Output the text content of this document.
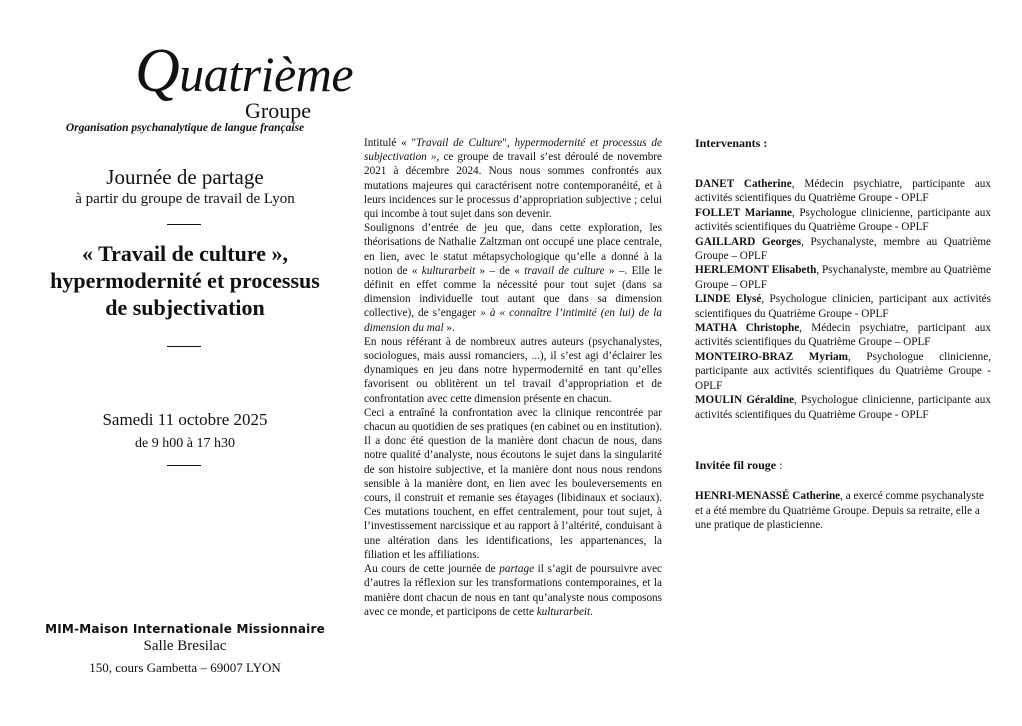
Quatrième
Groupe
Organisation psychanalytique de langue française
Journée de partage
à partir du groupe de travail de Lyon
« Travail de culture »,
hypermodernité et processus
de subjectivation
Samedi 11 octobre 2025
de 9 h00 à 17 h30
MIM-Maison Internationale Missionnaire
Salle Bresilac
150, cours Gambetta – 69007 LYON

Intitulé « "Travail de Culture", hypermodernité et processus de subjectivation », ce groupe de travail s’est déroulé de novembre 2021 à décembre 2024. Nous nous sommes confrontés aux mutations majeures qui caractérisent notre contemporanéité, et à leurs incidences sur le processus d’appropriation subjective ; celui qui incombe à tout sujet dans son devenir.

Soulignons d’entrée de jeu que, dans cette exploration, les théorisations de Nathalie Zaltzman ont occupé une place centrale, en lien, avec le statut métapsychologique qu’elle a donné à la notion de « kulturarbeit » – de « travail de culture » –. Elle le définit en effet comme la nécessité pour tout sujet (dans sa dimension individuelle tout autant que dans sa dimension collective), de s’engager » à « connaître l’intimité (en lui) de la dimension du mal ».

En nous référant à de nombreux autres auteurs (psychanalystes, sociologues, mais aussi romanciers, ...), il s’est agi d’éclairer les dynamiques en jeu dans notre hypermodernité en tant qu’elles favorisent ou oblitèrent un tel travail d’appropriation et de confrontation avec cette dimension présente en chacun.

Ceci a entraîné la confrontation avec la clinique rencontrée par chacun au quotidien de ses pratiques (en cabinet ou en institution). Il a donc été question de la manière dont chacun de nous, dans notre qualité d’analyste, nous écoutons le sujet dans la singularité de son histoire subjective, et la manière dont nous nous rendons sensible à la manière dont, en lien avec les bouleversements en cours, il construit et remanie ses étayages (libidinaux et sociaux). Ces mutations touchent, en effet centralement, pour tout sujet, à l’investissement narcissique et au rapport à l’altérité, conduisant à une altération dans les identifications, les appartenances, la filiation et les affiliations.

Au cours de cette journée de partage il s’agit de poursuivre avec d’autres la réflexion sur les transformations contemporaines, et la manière dont chacun de nous en tant qu’analyste nous composons avec ce monde, et participons de cette kulturarbeit.

Intervenants :

DANET Catherine, Médecin psychiatre, participante aux activités scientifiques du Quatrième Groupe - OPLF

FOLLET Marianne, Psychologue clinicienne, participante aux activités scientifiques du Quatrième Groupe - OPLF

GAILLARD Georges, Psychanalyste, membre au Quatrième Groupe – OPLF

HERLEMONT Elisabeth, Psychanalyste, membre au Quatrième Groupe – OPLF

LINDE Elysé, Psychologue clinicien, participant aux activités scientifiques du Quatrième Groupe - OPLF

MATHA Christophe, Médecin psychiatre, participant aux activités scientifiques du Quatrième Groupe – OPLF

MONTEIRO-BRAZ Myriam, Psychologue clinicienne, participante aux activités scientifiques du Quatrième Groupe - OPLF

MOULIN Géraldine, Psychologue clinicienne, participante aux activités scientifiques du Quatrième Groupe - OPLF

Invitée fil rouge :

HENRI-MENASSÉ Catherine, a exercé comme psychanalyste et a été membre du Quatrième Groupe. Depuis sa retraite, elle a une pratique de plasticienne.
